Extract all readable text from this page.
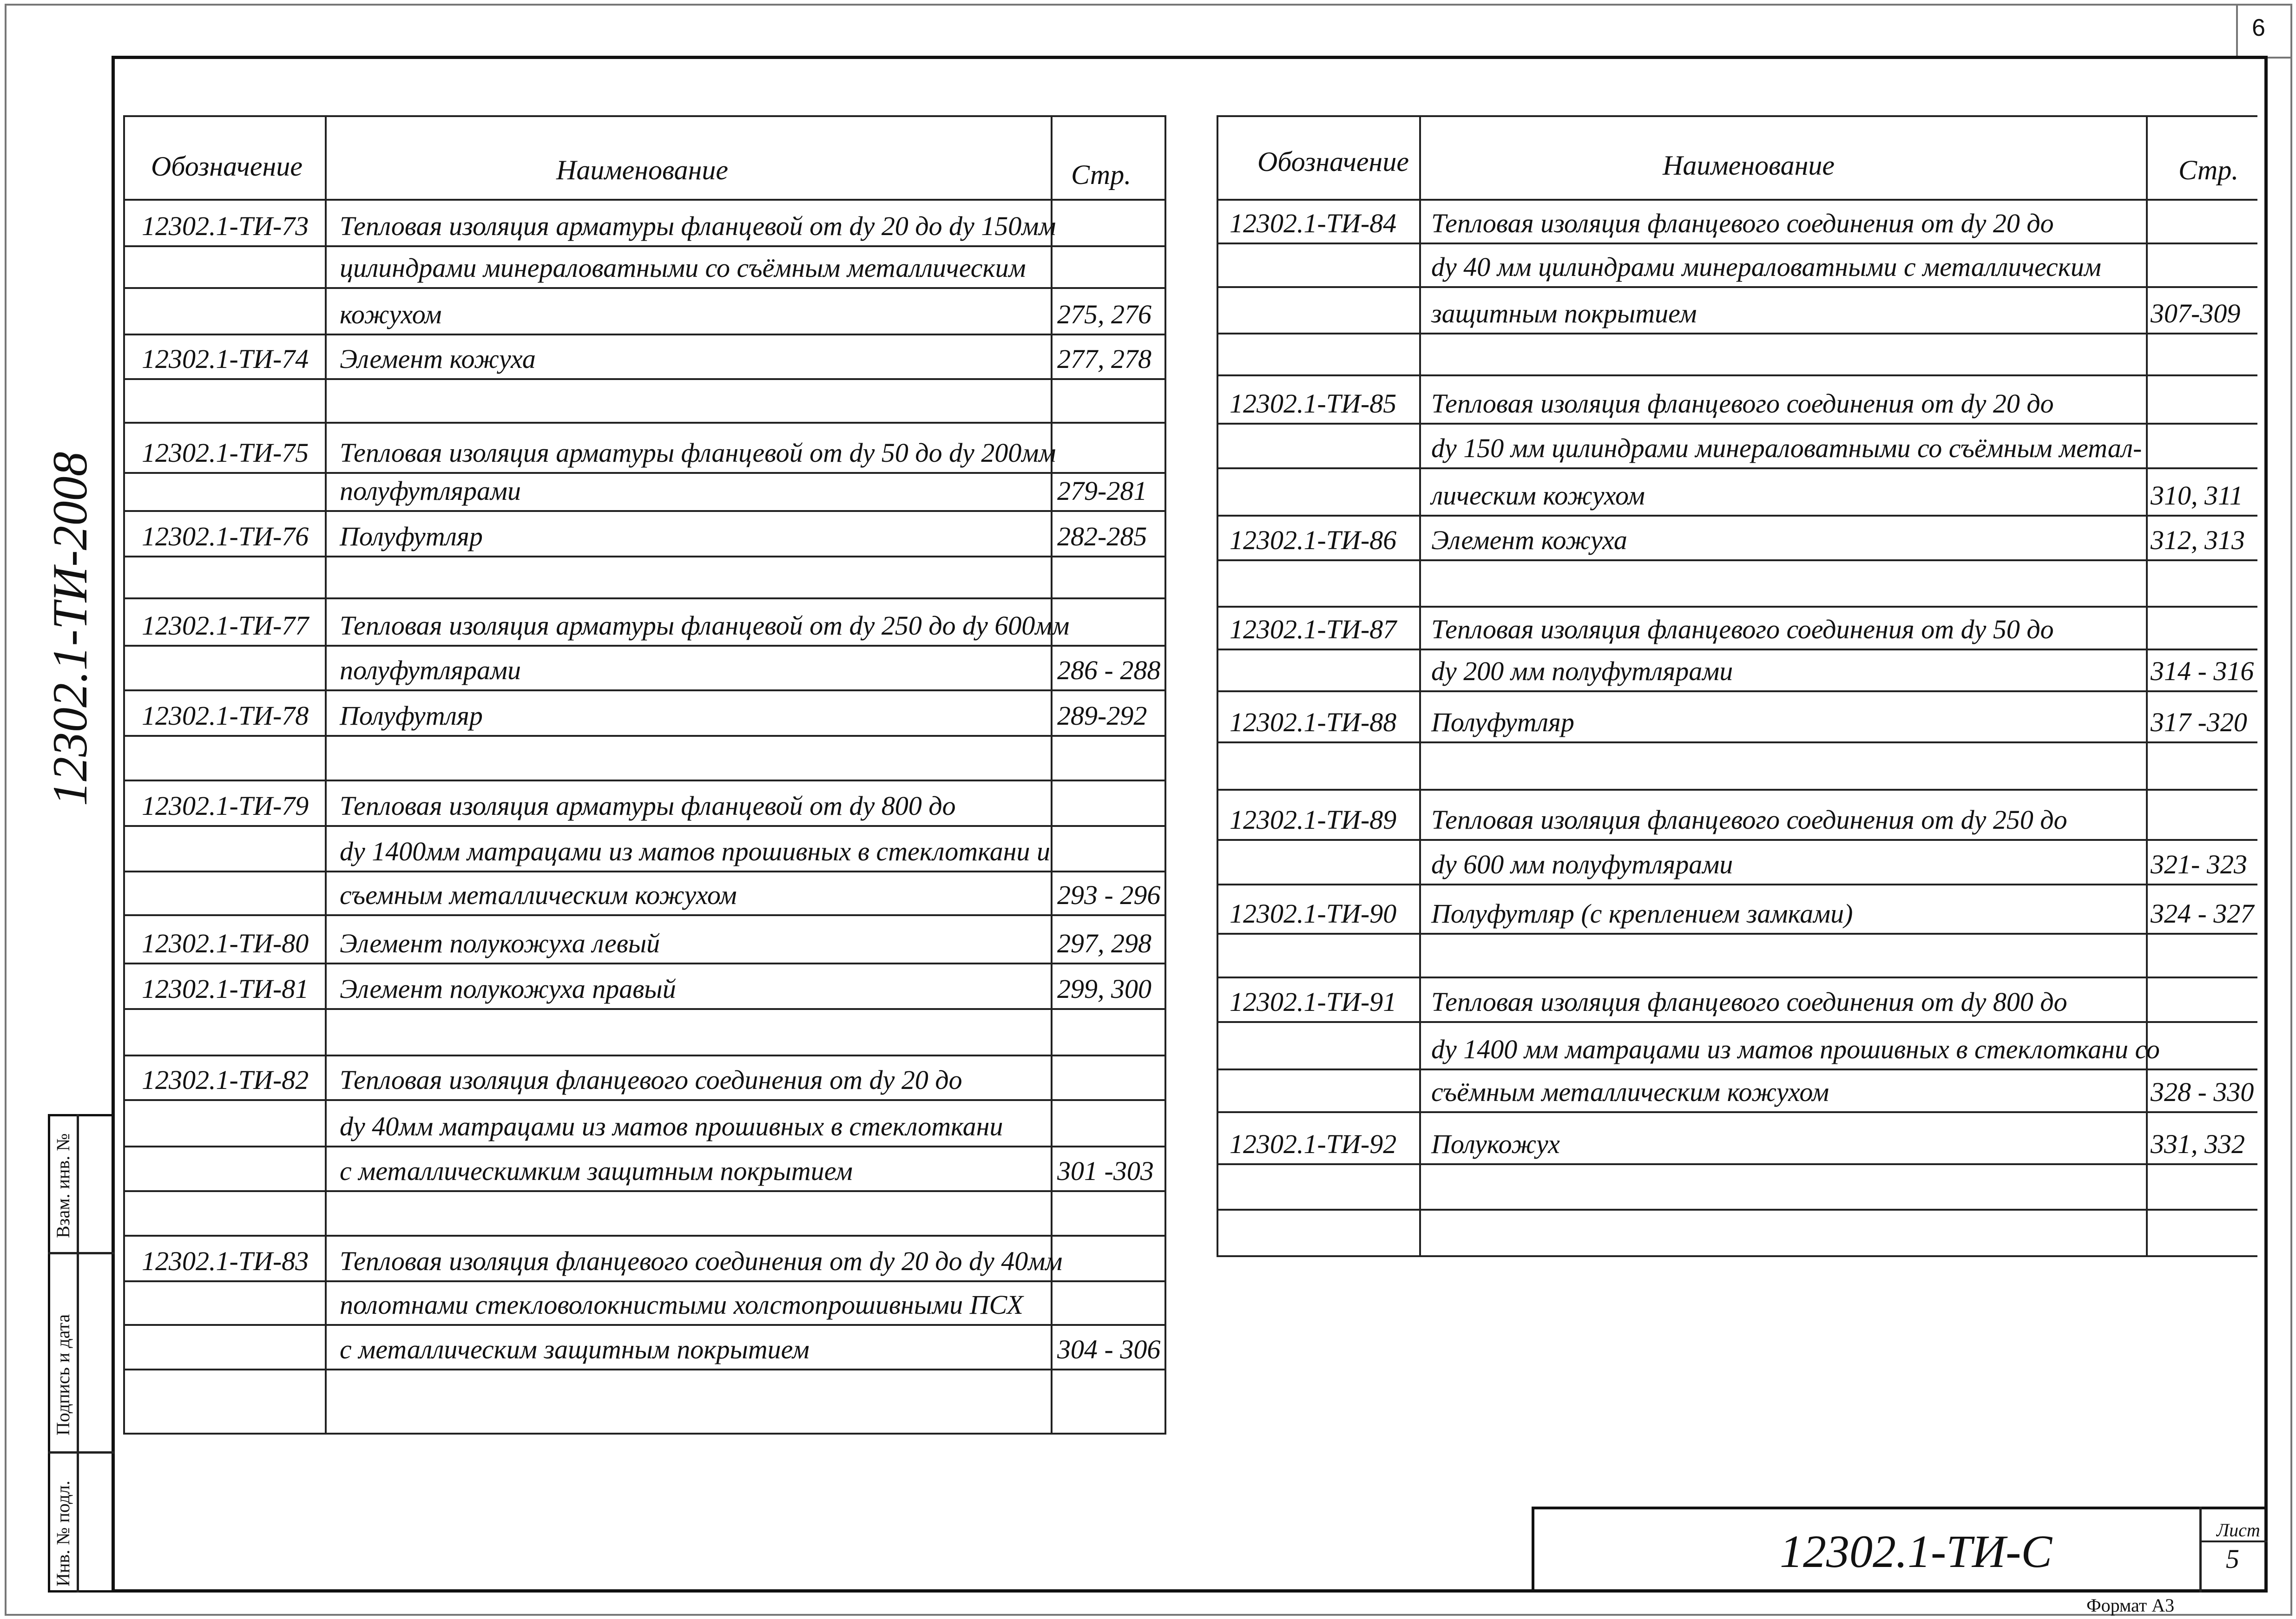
6
12302.1-ТИ-2008
Взам. инв. №
Подпись и дата
Инв. № подл.
Обозначение	Наименование	Стр.
12302.1-ТИ-73 Тепловая изоляция арматуры фланцевой от dy 20 до dy 150мм
цилиндрами минераловатными со съёмным металлическим
кожухом	275, 276
12302.1-ТИ-74 Элемент кожуха	277, 278
12302.1-ТИ-75 Тепловая изоляция арматуры фланцевой от dy 50 до dy 200мм
полуфутлярами	279-281
12302.1-ТИ-76 Полуфутляр	282-285
12302.1-ТИ-77 Тепловая изоляция арматуры фланцевой от dy 250 до dy 600мм
полуфутлярами	286 - 288
12302.1-ТИ-78 Полуфутляр	289-292
12302.1-ТИ-79 Тепловая изоляция арматуры фланцевой от dy 800 до
dy 1400мм матрацами из матов прошивных в стеклоткани и
съемным металлическим кожухом	293 - 296
12302.1-ТИ-80 Элемент полукожуха левый	297, 298
12302.1-ТИ-81 Элемент полукожуха правый	299, 300
12302.1-ТИ-82 Тепловая изоляция фланцевого соединения от dy 20 до
dy 40мм матрацами из матов прошивных в стеклоткани
с металлическимким защитным покрытием	301 -303
12302.1-ТИ-83 Тепловая изоляция фланцевого соединения от dy 20 до dy 40мм
полотнами стекловолокнистыми холстопрошивными ПСХ
с металлическим защитным покрытием	304 - 306
Обозначение	Наименование	Стр.
12302.1-ТИ-84 Тепловая изоляция фланцевого соединения от dy 20 до
dy 40 мм цилиндрами минераловатными с металлическим
защитным покрытием	307-309
12302.1-ТИ-85 Тепловая изоляция фланцевого соединения от dy 20 до
dy 150 мм цилиндрами минераловатными со съёмным метал-
лическим кожухом	310, 311
12302.1-ТИ-86 Элемент кожуха	312, 313
12302.1-ТИ-87 Тепловая изоляция фланцевого соединения от dy 50 до
dy 200 мм полуфутлярами	314 - 316
12302.1-ТИ-88 Полуфутляр	317 -320
12302.1-ТИ-89 Тепловая изоляция фланцевого соединения от dy 250 до
dy 600 мм полуфутлярами	321- 323
12302.1-ТИ-90 Полуфутляр (с креплением замками)	324 - 327
12302.1-ТИ-91 Тепловая изоляция фланцевого соединения от dy 800 до
dy 1400 мм матрацами из матов прошивных в стеклоткани со
съёмным металлическим кожухом	328 - 330
12302.1-ТИ-92 Полукожух	331, 332
12302.1-ТИ-С	Лист
5
Формат А3
